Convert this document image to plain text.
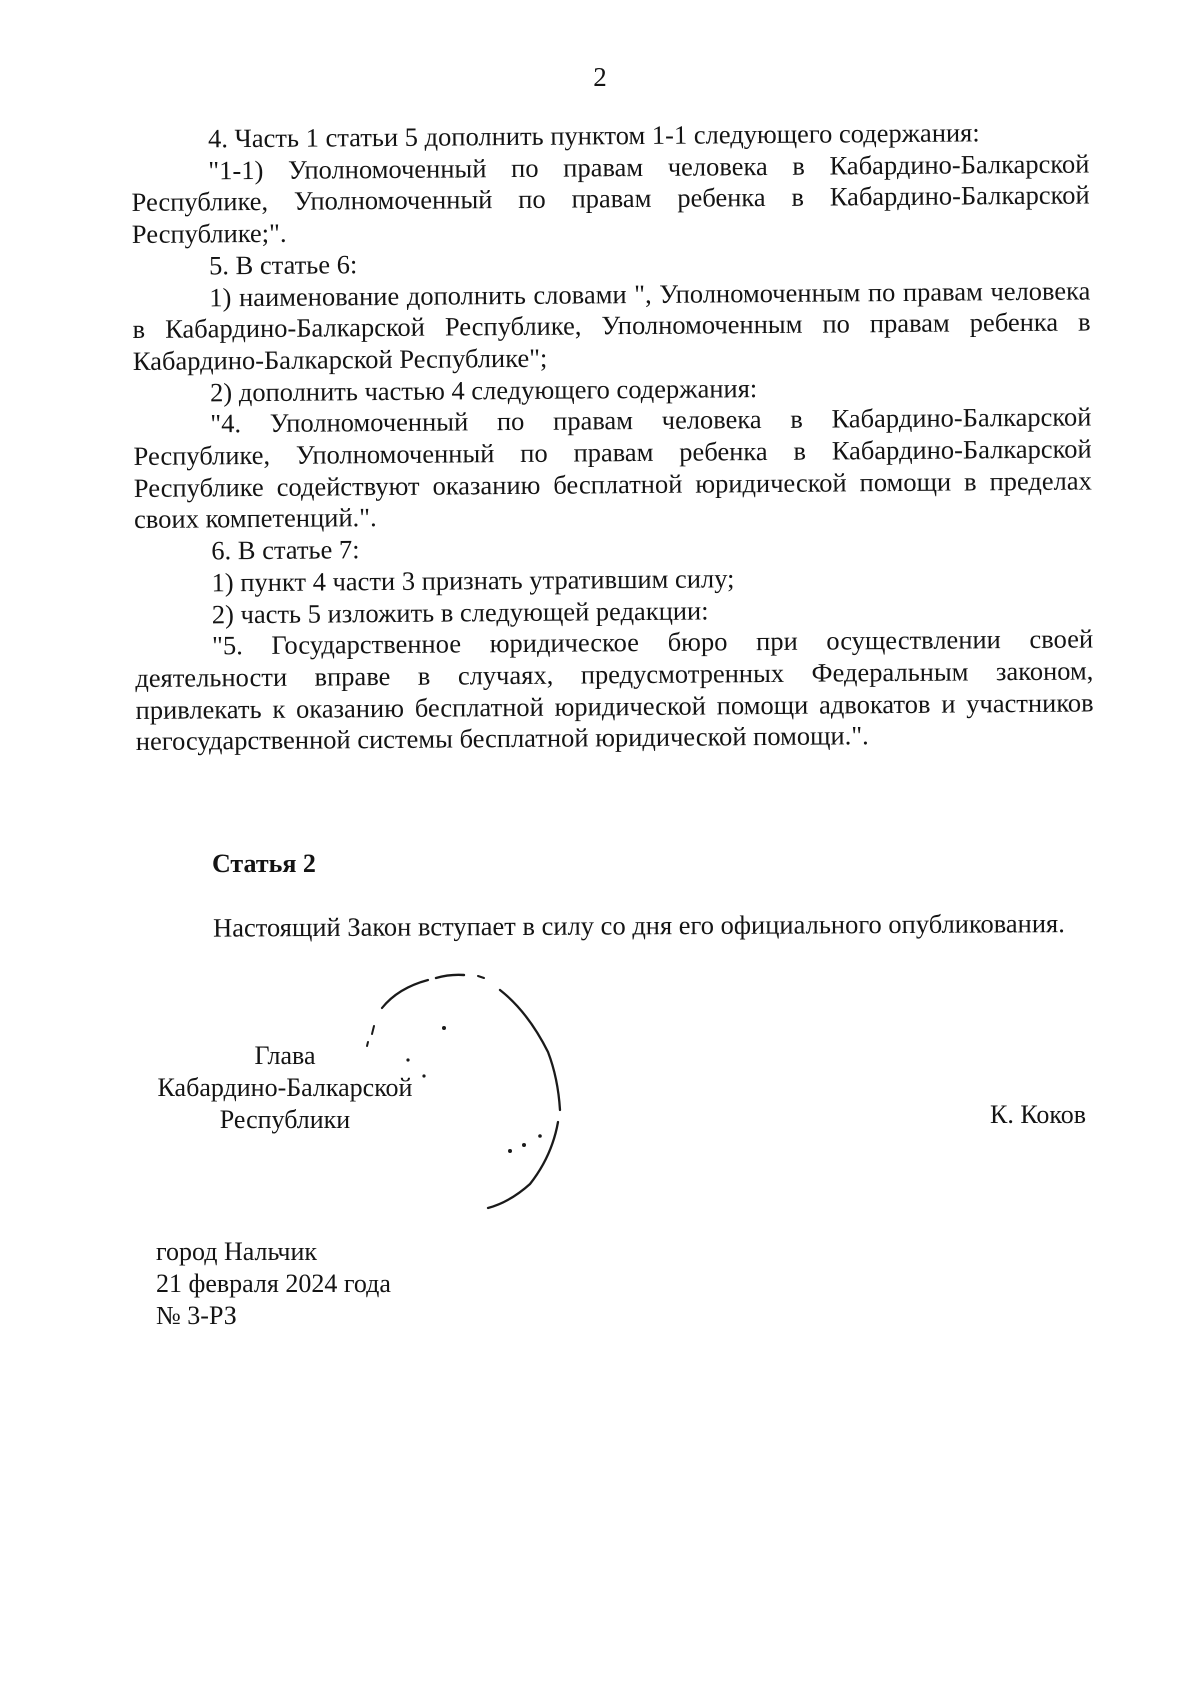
2

4. Часть 1 статьи 5 дополнить пунктом 1-1 следующего содержания:

"1-1) Уполномоченный по правам человека в Кабардино-Балкарской Республике, Уполномоченный по правам ребенка в Кабардино-Балкарской Республике;".

5. В статье 6:

1) наименование дополнить словами ", Уполномоченным по правам человека в Кабардино-Балкарской Республике, Уполномоченным по правам ребенка в Кабардино-Балкарской Республике";

2) дополнить частью 4 следующего содержания:

"4. Уполномоченный по правам человека в Кабардино-Балкарской Республике, Уполномоченный по правам ребенка в Кабардино-Балкарской Республике содействуют оказанию бесплатной юридической помощи в пределах своих компетенций.".

6. В статье 7:

1) пункт 4 части 3 признать утратившим силу;

2) часть 5 изложить в следующей редакции:

"5. Государственное юридическое бюро при осуществлении своей деятельности вправе в случаях, предусмотренных Федеральным законом, привлекать к оказанию бесплатной юридической помощи адвокатов и участников негосударственной системы бесплатной юридической помощи.".

Статья 2

Настоящий Закон вступает в силу со дня его официального опубликования.

Глава
Кабардино-Балкарской
Республики	К. Коков
город Нальчик
21 февраля 2024 года
№ 3-РЗ
